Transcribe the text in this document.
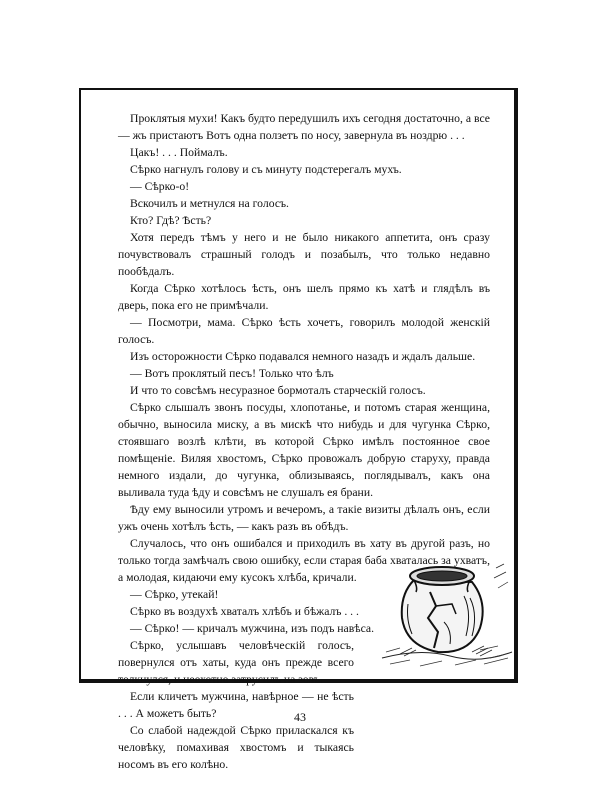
Проклятыя мухи! Какъ будто передушилъ ихъ сегодня достаточно, а все — жъ пристаютъ Вотъ одна ползетъ по носу, завернула въ ноздрю . . .

Цакъ! . . . Поймалъ.

Сѣрко нагнулъ голову и съ минуту подстерегалъ мухъ.

— Сѣрко-о!

Вскочилъ и метнулся на голосъ.

Кто? Гдѣ? Ѣсть?

Хотя передъ тѣмъ у него и не было никакого аппетита, онъ сразу почувствовалъ страшный голодъ и позабылъ, что только недавно пообѣдалъ.

Когда Сѣрко хотѣлось ѣсть, онъ шелъ прямо къ хатѣ и глядѣлъ въ дверь, пока его не примѣчали.

— Посмотри, мама. Сѣрко ѣсть хочетъ, говорилъ молодой женскій голосъ.

Изъ осторожности Сѣрко подавался немного назадъ и ждалъ дальше.

— Вотъ проклятый песъ! Только что ѣлъ

И что то совсѣмъ несуразное бормоталъ старческій голосъ.

Сѣрко слышалъ звонъ посуды, хлопотанье, и потомъ старая женщина, обычно, выносила миску, а въ мискѣ что нибудь и для чугунка Сѣрко, стоявшаго возлѣ клѣти, въ которой Сѣрко имѣлъ постоянное свое помѣщеніе. Виляя хвостомъ, Сѣрко провожалъ добрую старуху, правда немного издали, до чугунка, облизываясь, поглядывалъ, какъ она выливала туда ѣду и совсѣмъ не слушалъ ея брани.

Ѣду ему выносили утромъ и вечеромъ, а такіе визиты дѣлалъ онъ, если ужъ очень хотѣлъ ѣсть, — какъ разъ въ обѣдъ.

Случалось, что онъ ошибался и приходилъ въ хату въ другой разъ, но только тогда замѣчалъ свою ошибку, если старая баба хваталась за ухватъ, а молодая, кидаючи ему кусокъ хлѣба, кричали.

— Сѣрко, утекай!

Сѣрко въ воздухѣ хваталъ хлѣбъ и бѣжалъ . . .

— Сѣрко! — кричалъ мужчина, изъ подъ навѣса.

Сѣрко, услышавъ человѣческій голосъ, повернулся отъ хаты, куда онъ прежде всего толкнулся, и неохотно затрусилъ на зовъ.

Если кличетъ мужчина, навѣрное — не ѣсть . . . А можетъ быть?

Со слабой надеждой Сѣрко приласкался къ человѣку, помахивая хвостомъ и тыкаясь носомъ въ его колѣно.

43
